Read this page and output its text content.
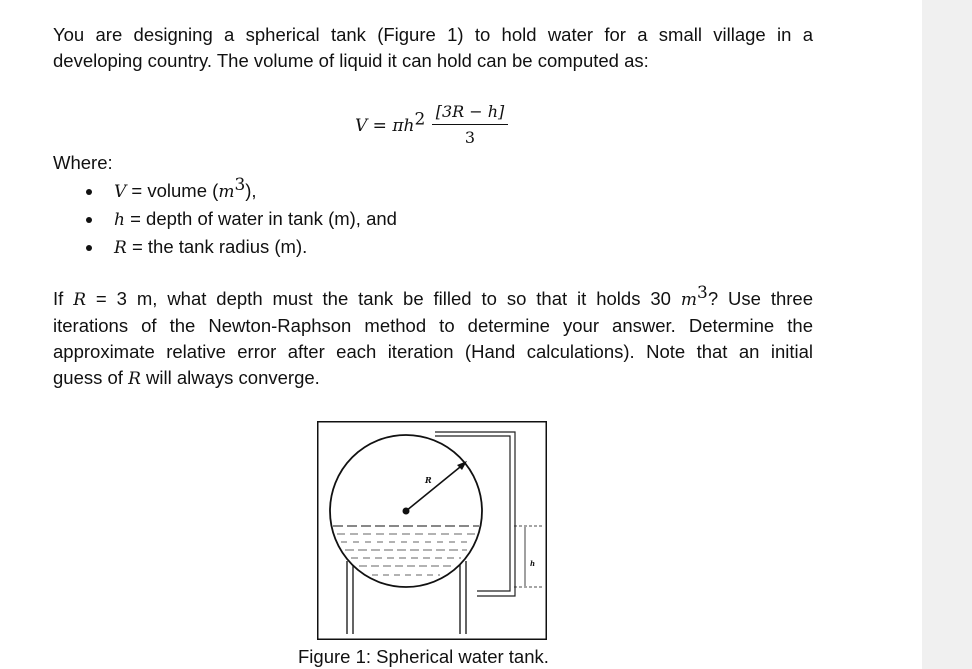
You are designing a spherical tank (Figure 1) to hold water for a small village in a
developing country. The volume of liquid it can hold can be computed as:
$V = \pi h^2$ [3R − h]
3
Where:
V = volume $(m^3)$,
h = depth of water in tank (m), and
R = the tank radius (m).
If R = 3 m, what depth must the tank be filled to so that it holds 30 $m^3$? Use three
iterations of the Newton-Raphson method to determine your answer. Determine the
approximate relative error after each iteration (Hand calculations). Note that an initial
guess of R will always converge.
R
h
Figure 1: Spherical water tank.
